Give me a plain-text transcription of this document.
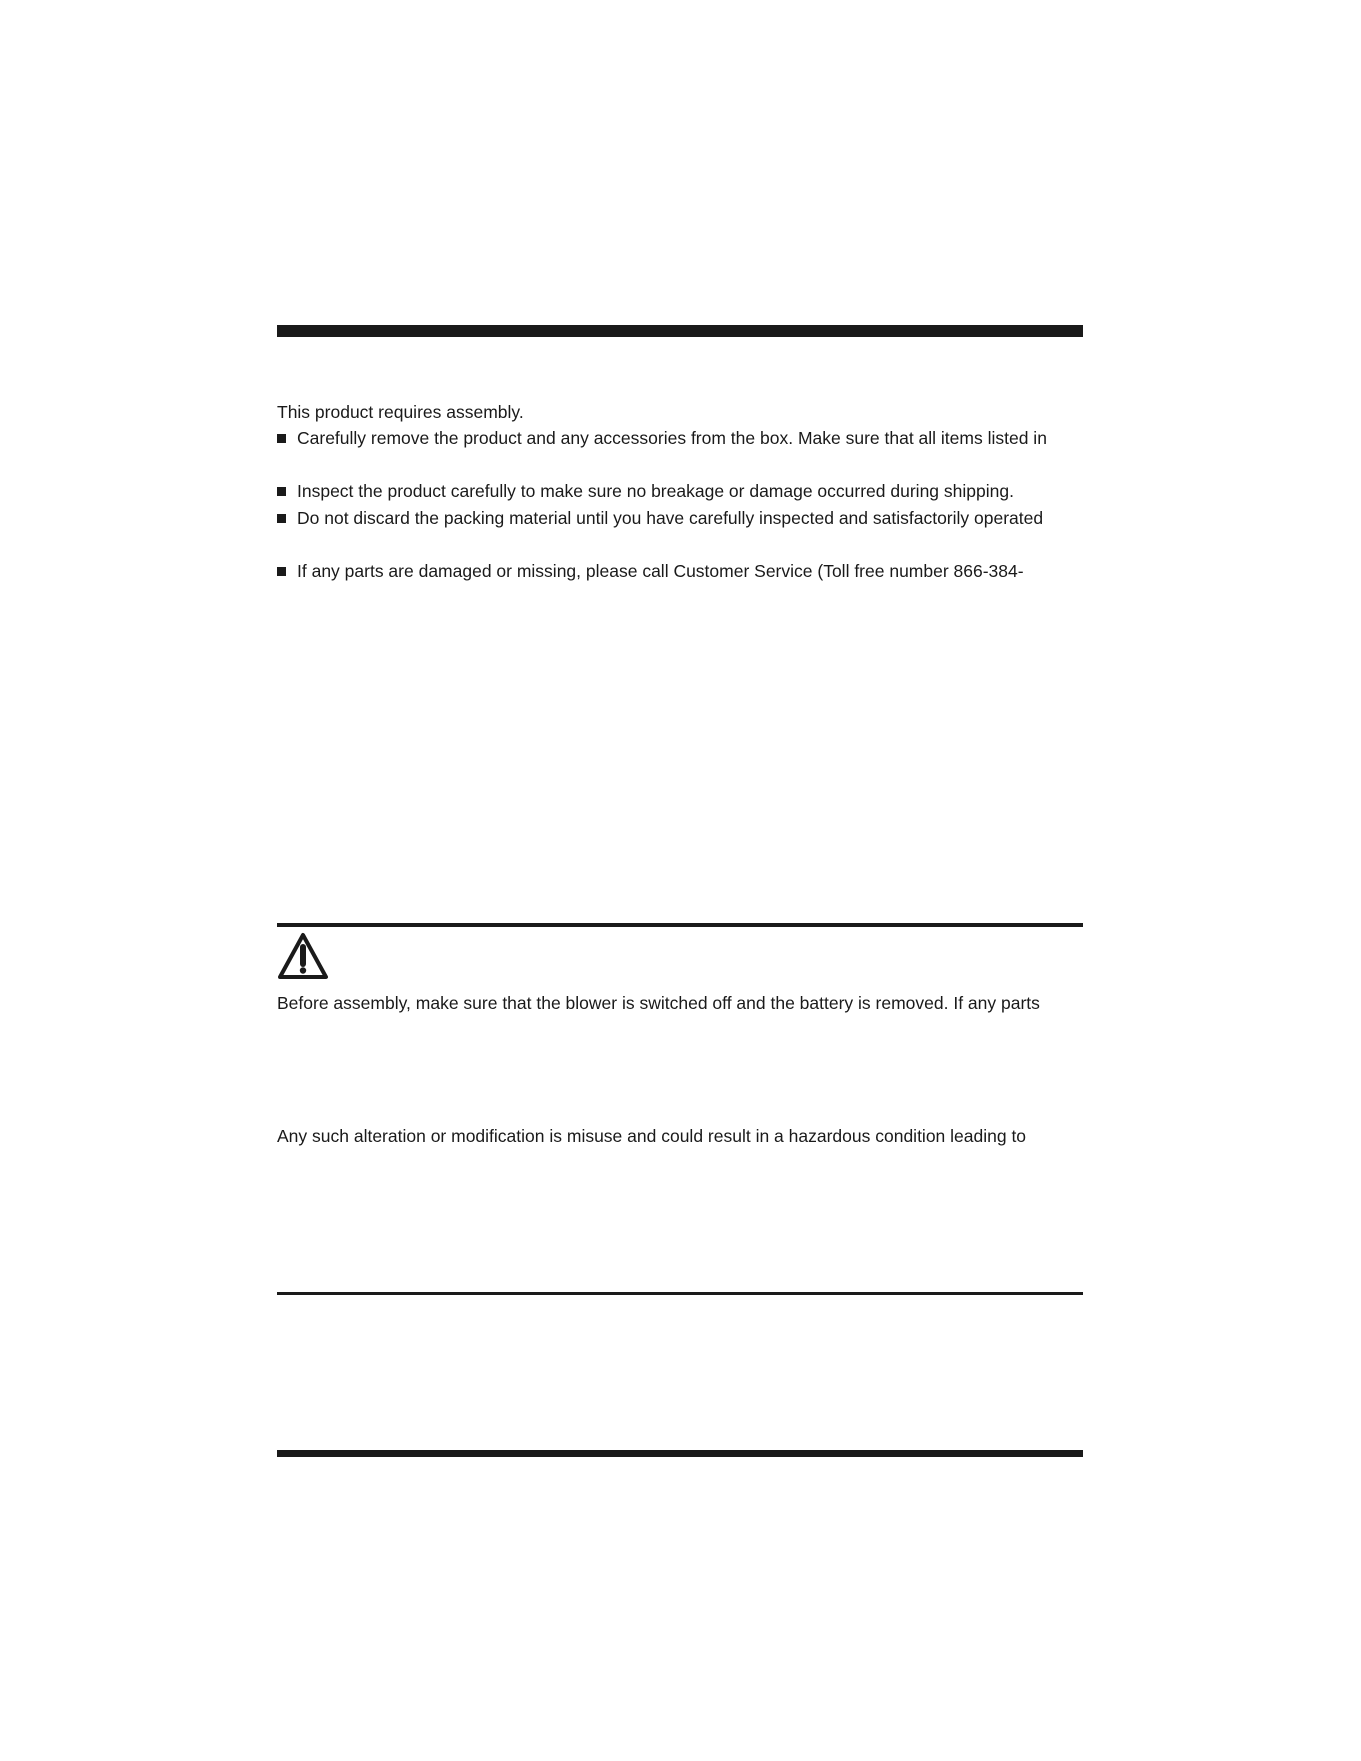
This product requires assembly.
Carefully remove the product and any accessories from the box. Make sure that all items listed in
Inspect the product carefully to make sure no breakage or damage occurred during shipping.
Do not discard the packing material until you have carefully inspected and satisfactorily operated
If any parts are damaged or missing, please call Customer Service (Toll free number 866-384-
Before assembly, make sure that the blower is switched off and the battery is removed. If any parts
Any such alteration or modification is misuse and could result in a hazardous condition leading to
